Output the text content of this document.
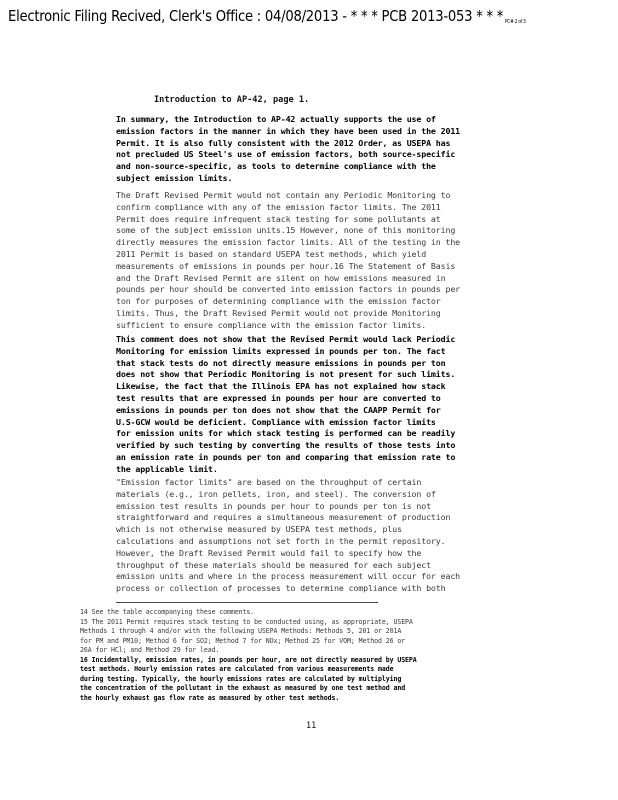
Electronic Filing Recived, Clerk's Office : 04/08/2013 - * * * PCB 2013-053 * * * PC# 2 of 3
Introduction to AP-42, page 1.

In summary, the Introduction to AP-42 actually supports the use of
emission factors in the manner in which they have been used in the 2011
Permit. It is also fully consistent with the 2012 Order, as USEPA has
not precluded US Steel's use of emission factors, both source-specific
and non-source-specific, as tools to determine compliance with the
subject emission limits.

The Draft Revised Permit would not contain any Periodic Monitoring to
confirm compliance with any of the emission factor limits. The 2011
Permit does require infrequent stack testing for some pollutants at
some of the subject emission units.15 However, none of this monitoring
directly measures the emission factor limits. All of the testing in the
2011 Permit is based on standard USEPA test methods, which yield
measurements of emissions in pounds per hour.16 The Statement of Basis
and the Draft Revised Permit are silent on how emissions measured in
pounds per hour should be converted into emission factors in pounds per
ton for purposes of determining compliance with the emission factor
limits. Thus, the Draft Revised Permit would not provide Monitoring
sufficient to ensure compliance with the emission factor limits.

This comment does not show that the Revised Permit would lack Periodic
Monitoring for emission limits expressed in pounds per ton. The fact
that stack tests do not directly measure emissions in pounds per ton
does not show that Periodic Monitoring is not present for such limits.
Likewise, the fact that the Illinois EPA has not explained how stack
test results that are expressed in pounds per hour are converted to
emissions in pounds per ton does not show that the CAAPP Permit for
U.S-GCW would be deficient. Compliance with emission factor limits
for emission units for which stack testing is performed can be readily
verified by such testing by converting the results of those tests into
an emission rate in pounds per ton and comparing that emission rate to
the applicable limit.

"Emission factor limits" are based on the throughput of certain
materials (e.g., iron pellets, iron, and steel). The conversion of
emission test results in pounds per hour to pounds per ton is not
straightforward and requires a simultaneous measurement of production
which is not otherwise measured by USEPA test methods, plus
calculations and assumptions not set forth in the permit repository.
However, the Draft Revised Permit would fail to specify how the
throughput of these materials should be measured for each subject
emission units and where in the process measurement will occur for each
process or collection of processes to determine compliance with both

14 See the table accompanying these comments.

15 The 2011 Permit requires stack testing to be conducted using, as appropriate, USEPA
Methods 1 through 4 and/or with the following USEPA Methods: Methods 5, 201 or 201A
for PM and PM10; Method 6 for SO2; Method 7 for NOx; Method 25 for VOM; Method 26 or
26A for HCl; and Method 29 for lead.

16 Incidentally, emission rates, in pounds per hour, are not directly measured by USEPA
test methods. Hourly emission rates are calculated from various measurements made
during testing. Typically, the hourly emissions rates are calculated by multiplying
the concentration of the pollutant in the exhaust as measured by one test method and
the hourly exhaust gas flow rate as measured by other test methods.

11
